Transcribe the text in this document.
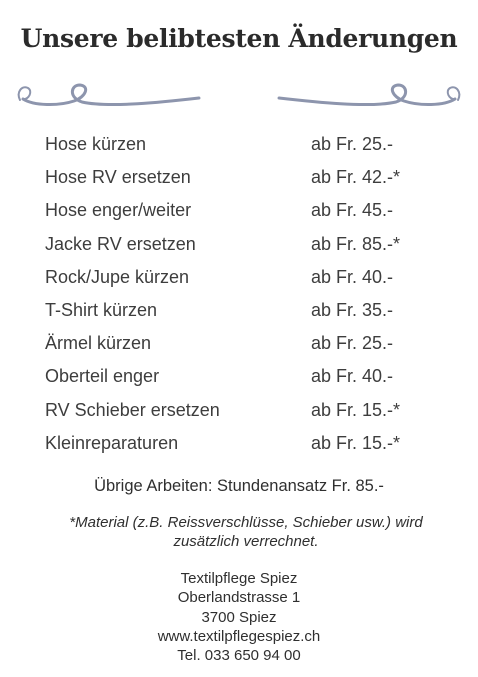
Unsere belibtesten Änderungen
Hose kürzen	ab Fr. 25.-
Hose RV ersetzen	ab Fr. 42.-*
Hose enger/weiter	ab Fr. 45.-
Jacke RV ersetzen	ab Fr. 85.-*
Rock/Jupe kürzen	ab Fr. 40.-
T-Shirt kürzen	ab Fr. 35.-
Ärmel kürzen	ab Fr. 25.-
Oberteil enger	ab Fr. 40.-
RV Schieber ersetzen	ab Fr. 15.-*
Kleinreparaturen	ab Fr. 15.-*
Übrige Arbeiten: Stundenansatz Fr. 85.-
*Material (z.B. Reissverschlüsse, Schieber usw.) wird zusätzlich verrechnet.
Textilpflege Spiez
Oberlandstrasse 1
3700 Spiez
www.textilpflegespiez.ch
Tel. 033 650 94 00
